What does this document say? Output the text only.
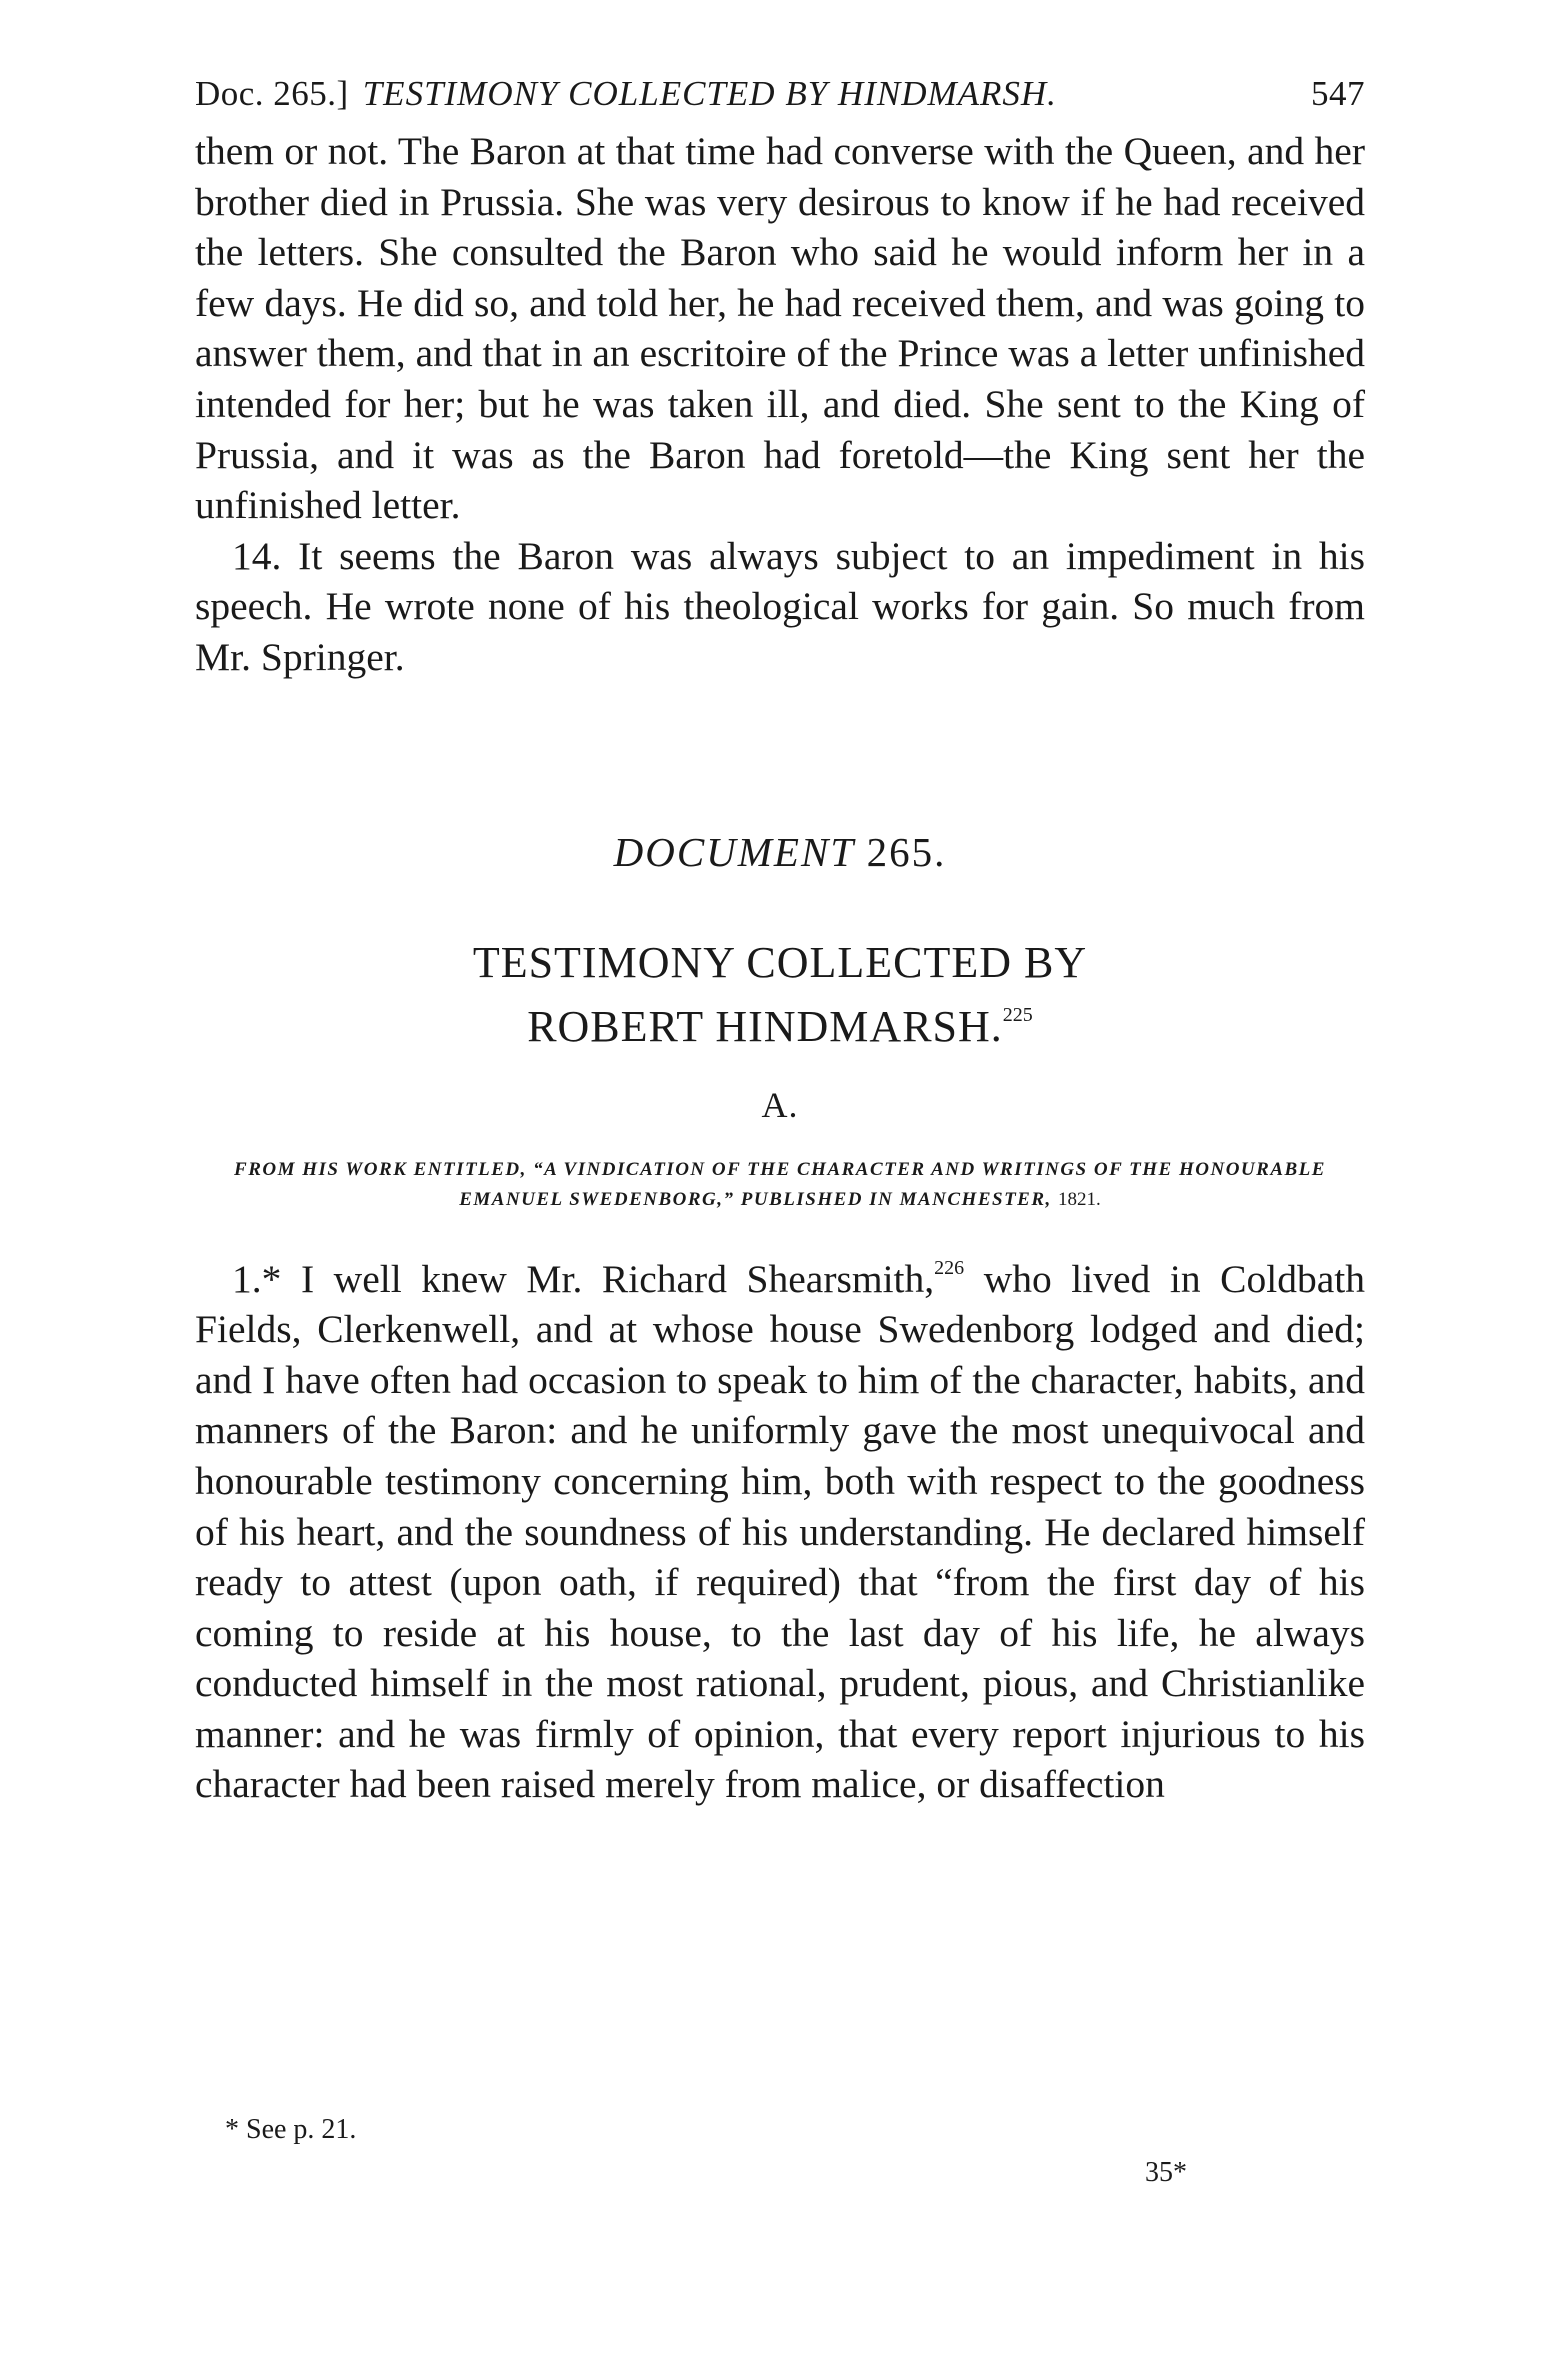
Doc. 265.] TESTIMONY COLLECTED BY HINDMARSH.	547

them or not. The Baron at that time had converse with the Queen, and her brother died in Prussia. She was very desirous to know if he had received the letters. She consulted the Baron who said he would inform her in a few days. He did so, and told her, he had received them, and was going to answer them, and that in an escritoire of the Prince was a letter unfinished intended for her; but he was taken ill, and died. She sent to the King of Prussia, and it was as the Baron had foretold—the King sent her the unfinished letter.

14. It seems the Baron was always subject to an impediment in his speech. He wrote none of his theological works for gain. So much from Mr. Springer.

DOCUMENT 265.
TESTIMONY COLLECTED BY
ROBERT HINDMARSH.$^{225}$
A.
FROM HIS WORK ENTITLED, “A VINDICATION OF THE CHARACTER AND WRITINGS OF THE HONOURABLE EMANUEL SWEDENBORG,” PUBLISHED IN MANCHESTER, 1821.

1.* I well knew Mr. Richard Shearsmith,$^{226}$ who lived in Coldbath Fields, Clerkenwell, and at whose house Swedenborg lodged and died; and I have often had occasion to speak to him of the character, habits, and manners of the Baron: and he uniformly gave the most unequivocal and honourable testimony concerning him, both with respect to the goodness of his heart, and the soundness of his understanding. He declared himself ready to attest (upon oath, if required) that “from the first day of his coming to reside at his house, to the last day of his life, he always conducted himself in the most rational, prudent, pious, and Christianlike manner: and he was firmly of opinion, that every report injurious to his character had been raised merely from malice, or disaffection

* See p. 21.
35*
